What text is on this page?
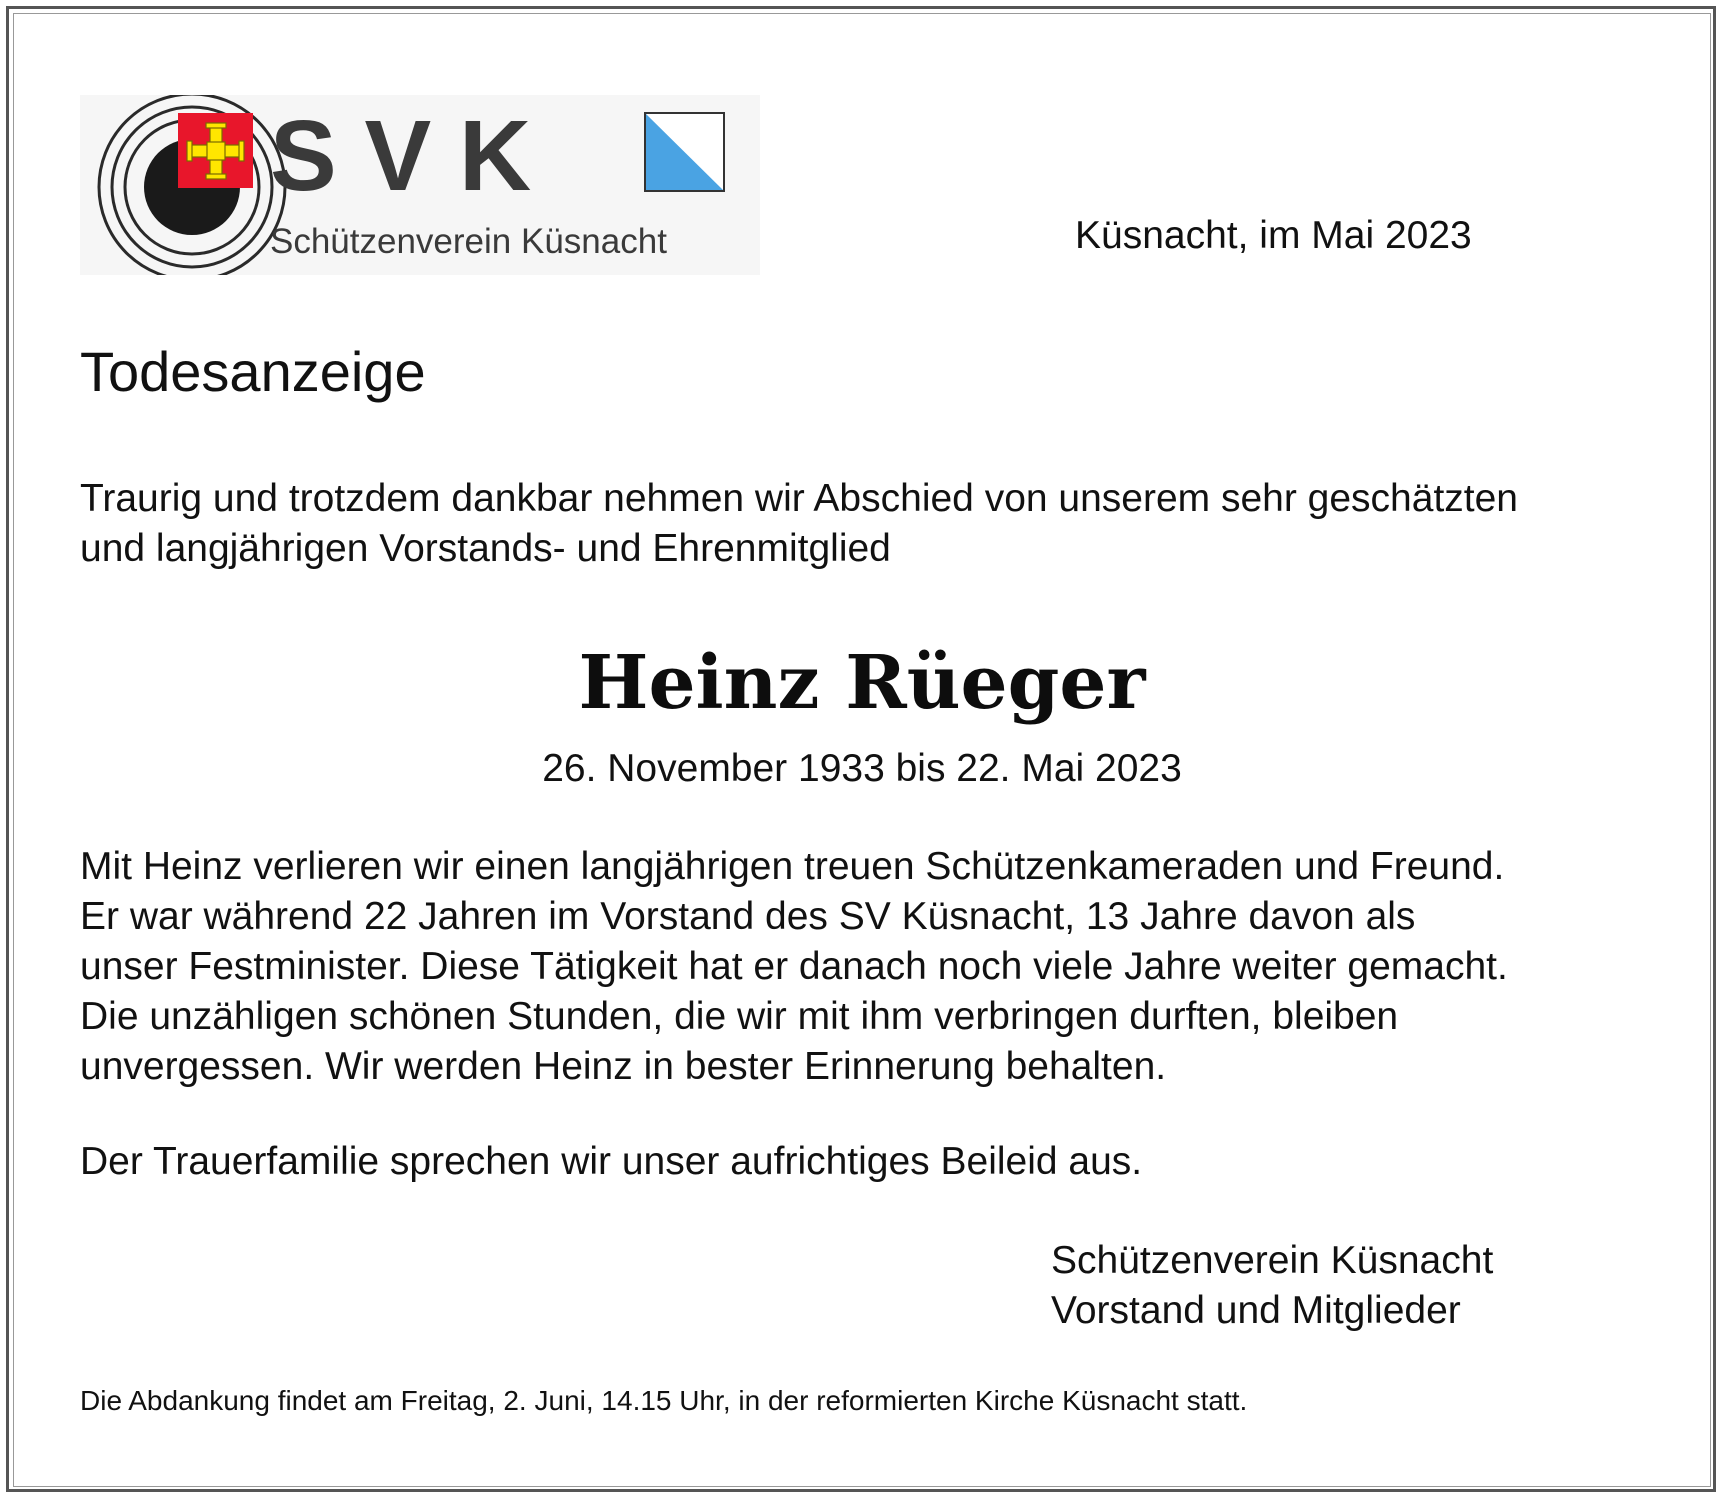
S V K
Schützenverein Küsnacht	Küsnacht, im Mai 2023
Todesanzeige

Traurig und trotzdem dankbar nehmen wir Abschied von unserem sehr geschätzten
und langjährigen Vorstands- und Ehrenmitglied

Heinz Rüeger
26. November 1933 bis 22. Mai 2023

Mit Heinz verlieren wir einen langjährigen treuen Schützenkameraden und Freund.
Er war während 22 Jahren im Vorstand des SV Küsnacht, 13 Jahre davon als
unser Festminister. Diese Tätigkeit hat er danach noch viele Jahre weiter gemacht.
Die unzähligen schönen Stunden, die wir mit ihm verbringen durften, bleiben
unvergessen. Wir werden Heinz in bester Erinnerung behalten.

Der Trauerfamilie sprechen wir unser aufrichtiges Beileid aus.

Schützenverein Küsnacht
Vorstand und Mitglieder
Die Abdankung findet am Freitag, 2. Juni, 14.15 Uhr, in der reformierten Kirche Küsnacht statt.
